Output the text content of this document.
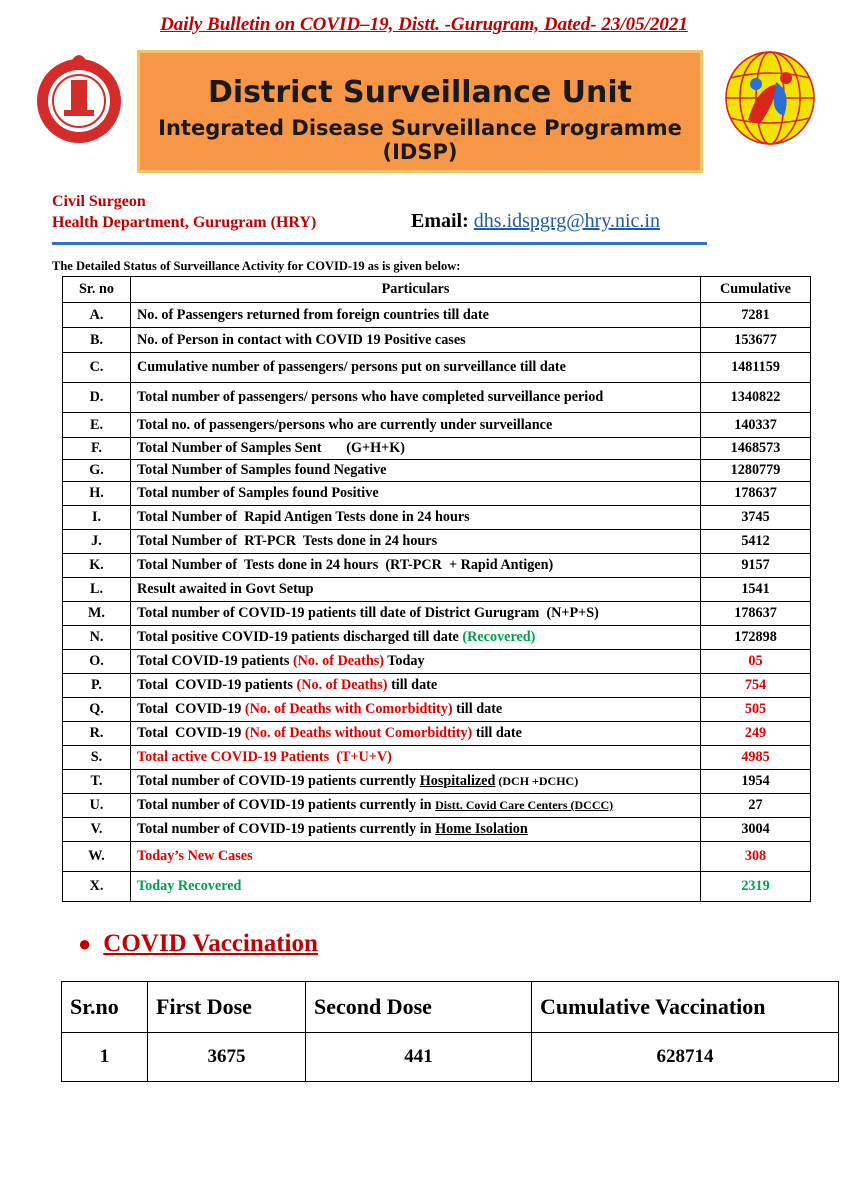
Daily Bulletin on COVID–19, Distt. -Gurugram, Dated- 23/05/2021
District Surveillance Unit
Integrated Disease Surveillance Programme (IDSP)
Civil Surgeon
Health Department, Gurugram (HRY)	Email: dhs.idspgrg@hry.nic.in
The Detailed Status of Surveillance Activity for COVID-19 as is given below:
Sr. no	Particulars	Cumulative
A.	No. of Passengers returned from foreign countries till date	7281
B.	No. of Person in contact with COVID 19 Positive cases	153677
C.	Cumulative number of passengers/ persons put on surveillance till date	1481159
D.	Total number of passengers/ persons who have completed surveillance period	1340822
E.	Total no. of passengers/persons who are currently under surveillance	140337
F.	Total Number of Samples Sent       (G+H+K)	1468573
G.	Total Number of Samples found Negative	1280779
H.	Total number of Samples found Positive	178637
I.	Total Number of  Rapid Antigen Tests done in 24 hours	3745
J.	Total Number of  RT-PCR  Tests done in 24 hours	5412
K.	Total Number of  Tests done in 24 hours  (RT-PCR  + Rapid Antigen)	9157
L.	Result awaited in Govt Setup	1541
M.	Total number of COVID-19 patients till date of District Gurugram  (N+P+S)	178637
N.	Total positive COVID-19 patients discharged till date (Recovered)	172898
O.	Total COVID-19 patients (No. of Deaths) Today	05
P.	Total  COVID-19 patients (No. of Deaths) till date	754
Q.	Total  COVID-19 (No. of Deaths with Comorbidtity) till date	505
R.	Total  COVID-19 (No. of Deaths without Comorbidtity) till date	249
S.	Total active COVID-19 Patients  (T+U+V)	4985
T.	Total number of COVID-19 patients currently Hospitalized (DCH +DCHC)	1954
U.	Total number of COVID-19 patients currently in Distt. Covid Care Centers (DCCC)	27
V.	Total number of COVID-19 patients currently in Home Isolation	3004
W.	Today’s New Cases	308
X.	Today Recovered	2319
● COVID Vaccination
Sr.no	First Dose	Second Dose	Cumulative Vaccination
1	3675	441	628714
